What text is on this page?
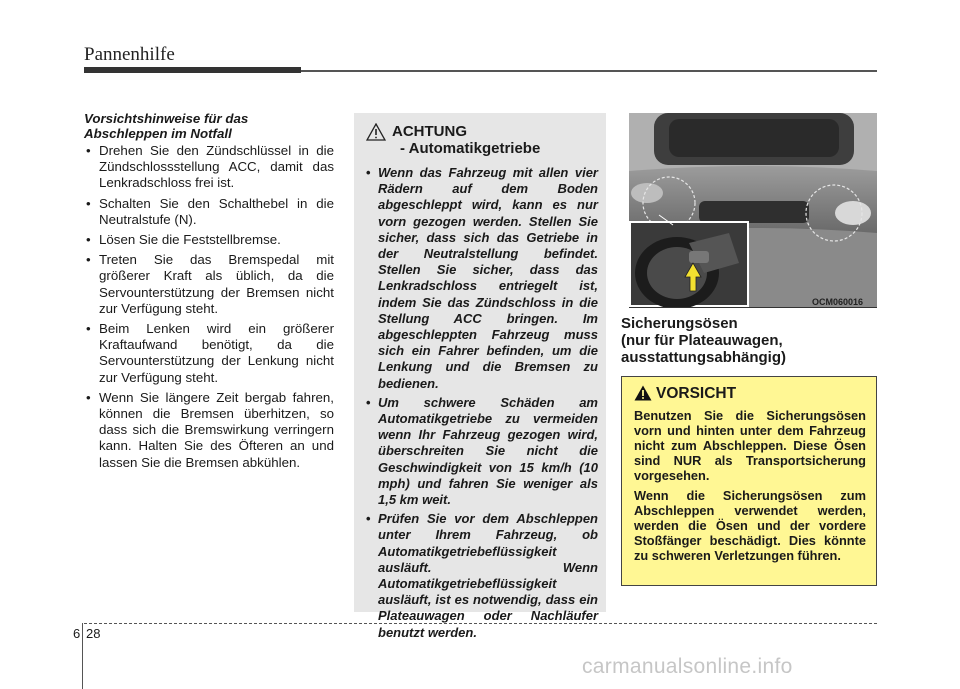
Pannenhilfe
Vorsichtshinweise für das Abschleppen im Notfall
• Drehen Sie den Zündschlüssel in die Zündschlossstellung ACC, damit das Lenkradschloss frei ist.
• Schalten Sie den Schalthebel in die Neutralstufe (N).
• Lösen Sie die Feststellbremse.
• Treten Sie das Bremspedal mit größerer Kraft als üblich, da die Servounterstützung der Bremsen nicht zur Verfügung steht.
• Beim Lenken wird ein größerer Kraftaufwand benötigt, da die Servounterstützung der Lenkung nicht zur Verfügung steht.
• Wenn Sie längere Zeit bergab fahren, können die Bremsen überhitzen, so dass sich die Bremswirkung verringern kann. Halten Sie des Öfteren an und lassen Sie die Bremsen abkühlen.
ACHTUNG
- Automatikgetriebe
• Wenn das Fahrzeug mit allen vier Rädern auf dem Boden abgeschleppt wird, kann es nur vorn gezogen werden. Stellen Sie sicher, dass sich das Getriebe in der Neutralstellung befindet. Stellen Sie sicher, dass das Lenkradschloss entriegelt ist, indem Sie das Zündschloss in die Stellung ACC bringen. Im abgeschleppten Fahrzeug muss sich ein Fahrer befinden, um die Lenkung und die Bremsen zu bedienen.
• Um schwere Schäden am Automatikgetriebe zu vermeiden wenn Ihr Fahrzeug gezogen wird, überschreiten Sie nicht die Geschwindigkeit von 15 km/h (10 mph) und fahren Sie weniger als 1,5 km weit.
• Prüfen Sie vor dem Abschleppen unter Ihrem Fahrzeug, ob Automatikgetriebeflüssigkeit ausläuft. Wenn Automatikgetriebeflüssigkeit ausläuft, ist es notwendig, dass ein Plateauwagen oder Nachläufer benutzt werden.
OCM060016
Sicherungsösen
(nur für Plateauwagen,
ausstattungsabhängig)
VORSICHT

Benutzen Sie die Sicherungsösen vorn und hinten unter dem Fahrzeug nicht zum Abschleppen. Diese Ösen sind NUR als Transportsicherung vorgesehen.

Wenn die Sicherungsösen zum Abschleppen verwendet werden, werden die Ösen und der vordere Stoßfänger beschädigt. Dies könnte zu schweren Verletzungen führen.

6 28
carmanualsonline.info
